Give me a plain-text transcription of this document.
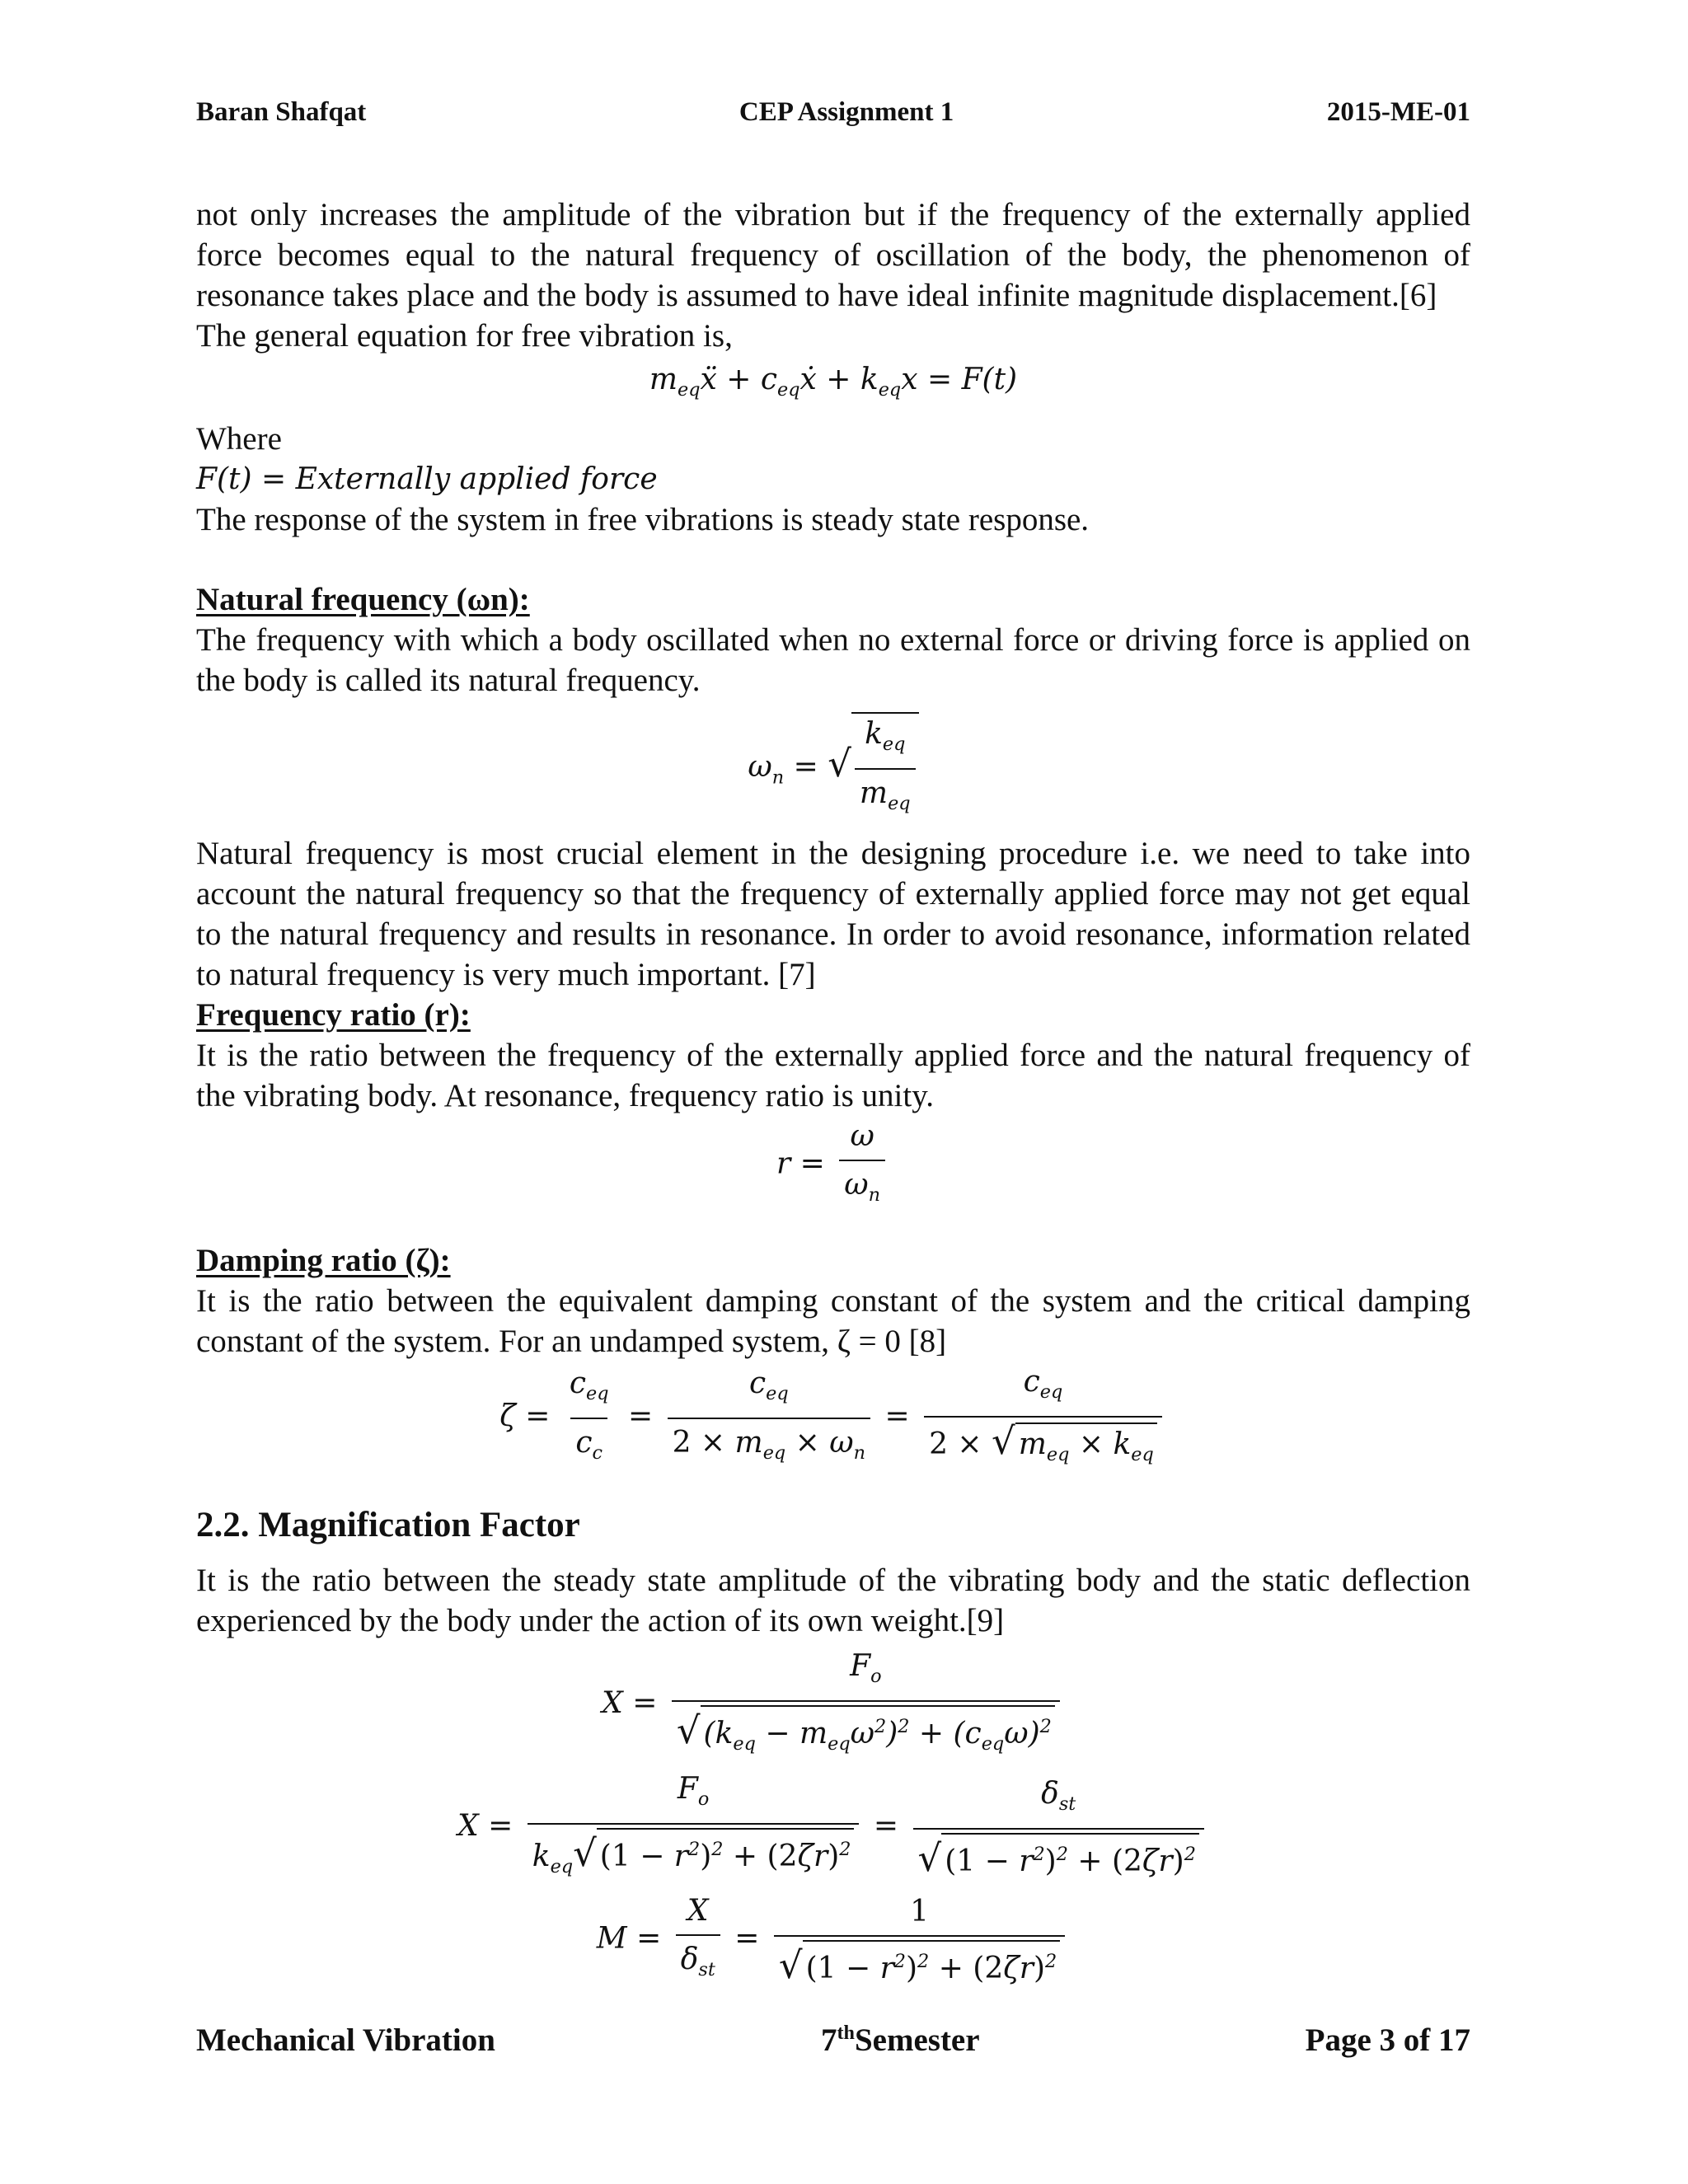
Baran Shafqat	CEP Assignment 1	2015-ME-01

not only increases the amplitude of the vibration but if the frequency of the externally applied force becomes equal to the natural frequency of oscillation of the body, the phenomenon of resonance takes place and the body is assumed to have ideal infinite magnitude displacement.[6]

The general equation for free vibration is,

$m_{eq}ẍ$ + $c_{eq}ẋ + k_{eq}x = F(t)$

Where

F(t) = Externally applied force

The response of the system in free vibrations is steady state response.

Natural frequency (ωn):

The frequency with which a body oscillated when no external force or driving force is applied on the body is called its natural frequency.

$\omega_n$ = √ $\frac{k_{eq}}{m_{eq}}$

Natural frequency is most crucial element in the designing procedure i.e. we need to take into account the natural frequency so that the frequency of externally applied force may not get equal to the natural frequency and results in resonance. In order to avoid resonance, information related to natural frequency is very much important. [7]

Frequency ratio (r):

It is the ratio between the frequency of the externally applied force and the natural frequency of the vibrating body. At resonance, frequency ratio is unity.

$r = \frac{\omega}{\omega_n}$

Damping ratio (ζ):

It is the ratio between the equivalent damping constant of the system and the critical damping constant of the system. For an undamped system, ζ = 0 [8]

$\zeta = \frac{c_{eq}}{c_c} = \frac{c_{eq}}{2 \times m_{eq} \times \omega_n} = \frac{c_{eq}}{2 \times √ m_{eq} \times k_{eq}}$
2.2. Magnification Factor

It is the ratio between the steady state amplitude of the vibrating body and the static deflection experienced by the body under the action of its own weight.[9]

$X = \frac{F_o}{√ (k_{eq} - m_{eq}\omega^2)^2 + (c_{eq}\omega)^2}$
$X = \frac{F_o}{k_{eq}√ (1 - r^2)^2 + (2\zeta r)^2} = \frac{\delta_{st}}{√ (1 - r^2)^2 + (2\zeta r)^2}$
$M = \frac{X}{\delta_{st}} = \frac{1}{√ (1 - r^2)^2 + (2\zeta r)^2}$
Mechanical Vibration	7thSemester	Page 3 of 17
